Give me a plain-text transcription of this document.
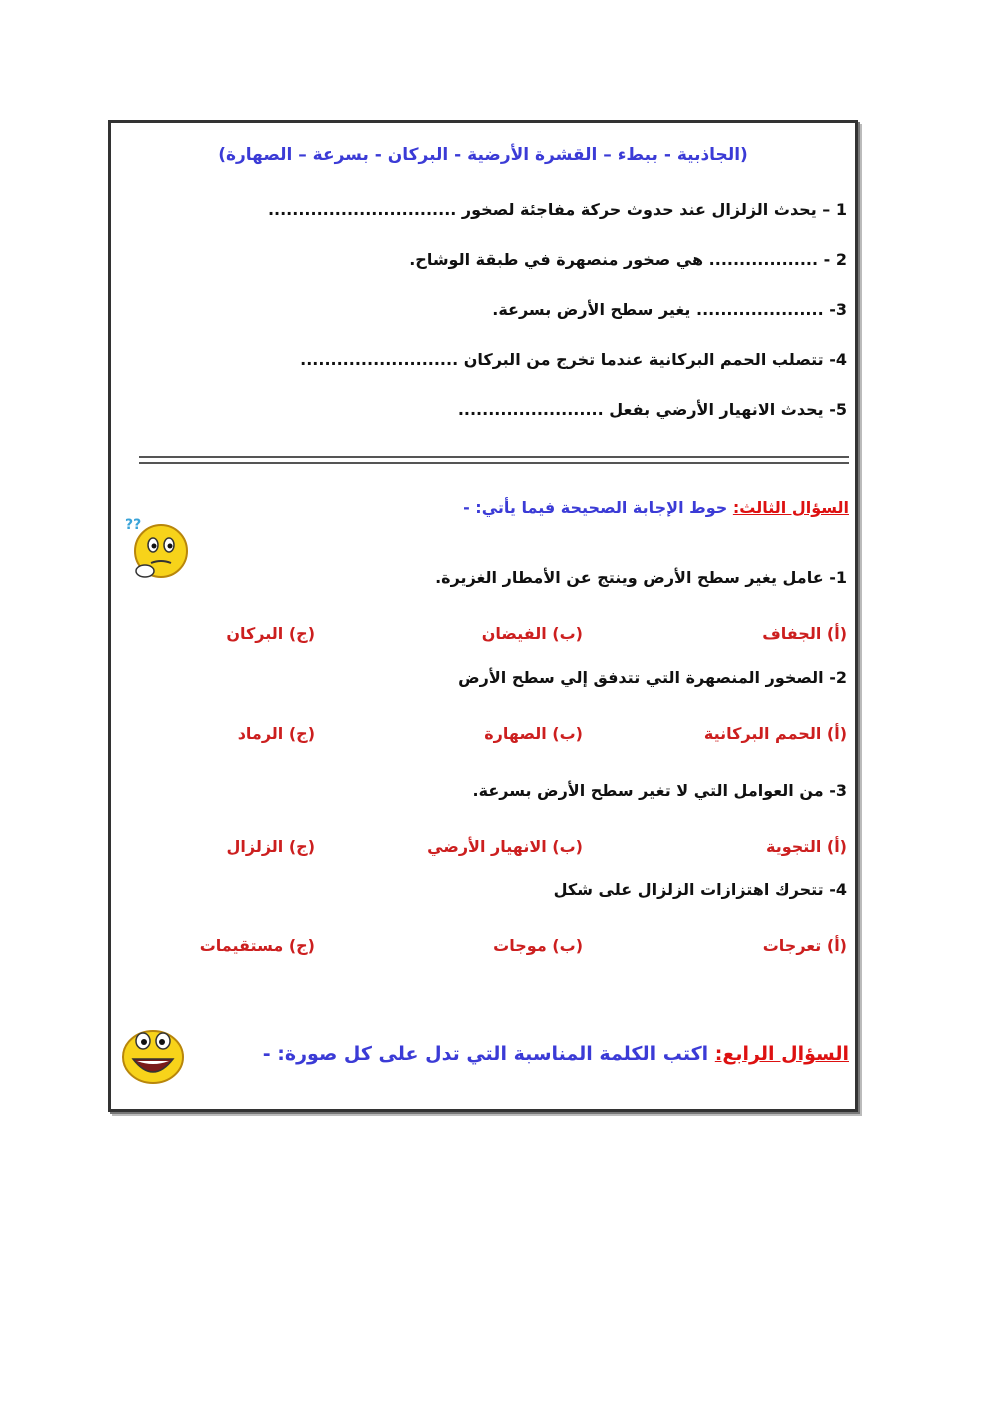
(الجاذبية - ببطء – القشرة الأرضية - البركان - بسرعة – الصهارة)
1 – يحدث الزلزال عند حدوث حركة مفاجئة لصخور ...............................
2 - .................. هي صخور منصهرة في طبقة الوشاح.
3- ..................... يغير سطح الأرض بسرعة.
4- تتصلب الحمم البركانية عندما تخرج من البركان ..........................
5- يحدث الانهيار الأرضي بفعل ........................
السؤال الثالث: حوط الإجابة الصحيحة فيما يأتي: -
??
1- عامل يغير سطح الأرض وينتج عن الأمطار الغزيرة.
(أ) الجفاف
(ب) الفيضان
(ج) البركان
2- الصخور المنصهرة التي تتدفق إلي سطح الأرض
(أ) الحمم البركانية
(ب) الصهارة
(ج) الرماد
3- من العوامل التي لا تغير سطح الأرض بسرعة.
(أ) التجوية
(ب) الانهيار الأرضي
(ج) الزلزال
4- تتحرك اهتزازات الزلزال على شكل
(أ) تعرجات
(ب) موجات
(ج) مستقيمات
السؤال الرابع: اكتب الكلمة المناسبة التي تدل على كل صورة: -
